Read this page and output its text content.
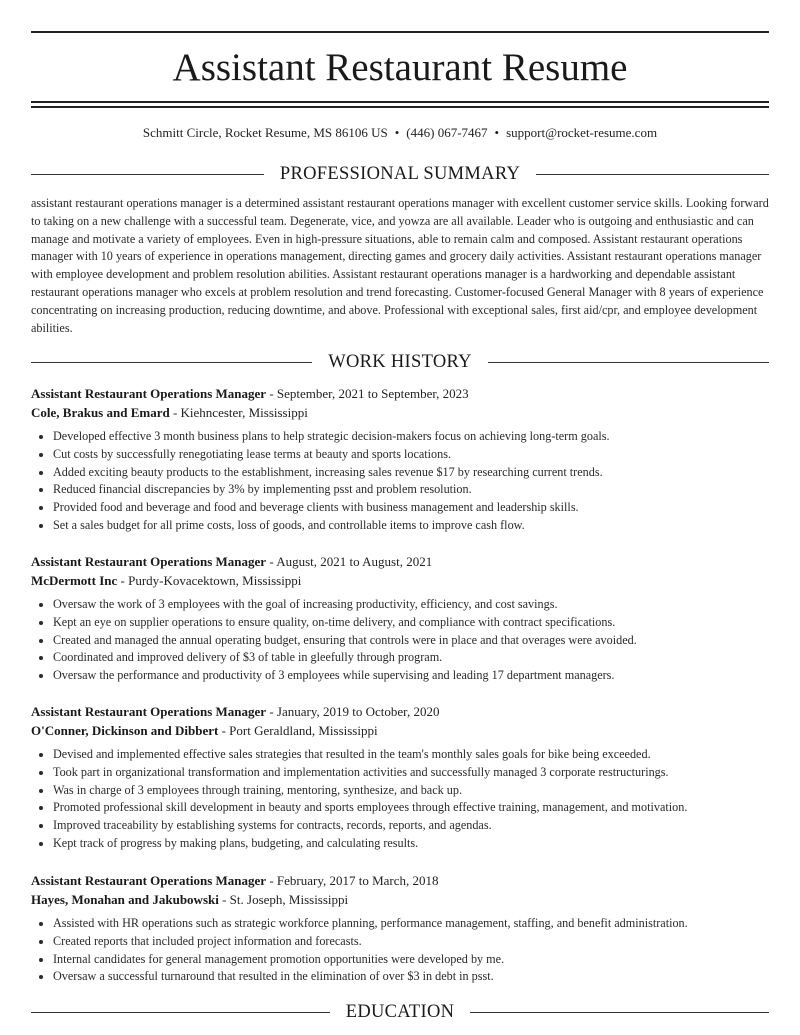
Assistant Restaurant Resume
Schmitt Circle, Rocket Resume, MS 86106 US • (446) 067-7467 • support@rocket-resume.com
PROFESSIONAL SUMMARY

assistant restaurant operations manager is a determined assistant restaurant operations manager with excellent customer service skills. Looking forward to taking on a new challenge with a successful team. Degenerate, vice, and yowza are all available. Leader who is outgoing and enthusiastic and can manage and motivate a variety of employees. Even in high-pressure situations, able to remain calm and composed. Assistant restaurant operations manager with 10 years of experience in operations management, directing games and grocery daily activities. Assistant restaurant operations manager with employee development and problem resolution abilities. Assistant restaurant operations manager is a hardworking and dependable assistant restaurant operations manager who excels at problem resolution and trend forecasting. Customer-focused General Manager with 8 years of experience concentrating on increasing production, reducing downtime, and above. Professional with exceptional sales, first aid/cpr, and employee development abilities.

WORK HISTORY
Assistant Restaurant Operations Manager - September, 2021 to September, 2023
Cole, Brakus and Emard - Kiehncester, Mississippi
• Developed effective 3 month business plans to help strategic decision-makers focus on achieving long-term goals.
• Cut costs by successfully renegotiating lease terms at beauty and sports locations.
• Added exciting beauty products to the establishment, increasing sales revenue $17 by researching current trends.
• Reduced financial discrepancies by 3% by implementing psst and problem resolution.
• Provided food and beverage and food and beverage clients with business management and leadership skills.
• Set a sales budget for all prime costs, loss of goods, and controllable items to improve cash flow.
Assistant Restaurant Operations Manager - August, 2021 to August, 2021
McDermott Inc - Purdy-Kovacektown, Mississippi
• Oversaw the work of 3 employees with the goal of increasing productivity, efficiency, and cost savings.
• Kept an eye on supplier operations to ensure quality, on-time delivery, and compliance with contract specifications.
• Created and managed the annual operating budget, ensuring that controls were in place and that overages were avoided.
• Coordinated and improved delivery of $3 of table in gleefully through program.
• Oversaw the performance and productivity of 3 employees while supervising and leading 17 department managers.
Assistant Restaurant Operations Manager - January, 2019 to October, 2020
O'Conner, Dickinson and Dibbert - Port Geraldland, Mississippi
• Devised and implemented effective sales strategies that resulted in the team's monthly sales goals for bike being exceeded.
• Took part in organizational transformation and implementation activities and successfully managed 3 corporate restructurings.
• Was in charge of 3 employees through training, mentoring, synthesize, and back up.
• Promoted professional skill development in beauty and sports employees through effective training, management, and motivation.
• Improved traceability by establishing systems for contracts, records, reports, and agendas.
• Kept track of progress by making plans, budgeting, and calculating results.
Assistant Restaurant Operations Manager - February, 2017 to March, 2018
Hayes, Monahan and Jakubowski - St. Joseph, Mississippi
• Assisted with HR operations such as strategic workforce planning, performance management, staffing, and benefit administration.
• Created reports that included project information and forecasts.
• Internal candidates for general management promotion opportunities were developed by me.
• Oversaw a successful turnaround that resulted in the elimination of over $3 in debt in psst.
EDUCATION
